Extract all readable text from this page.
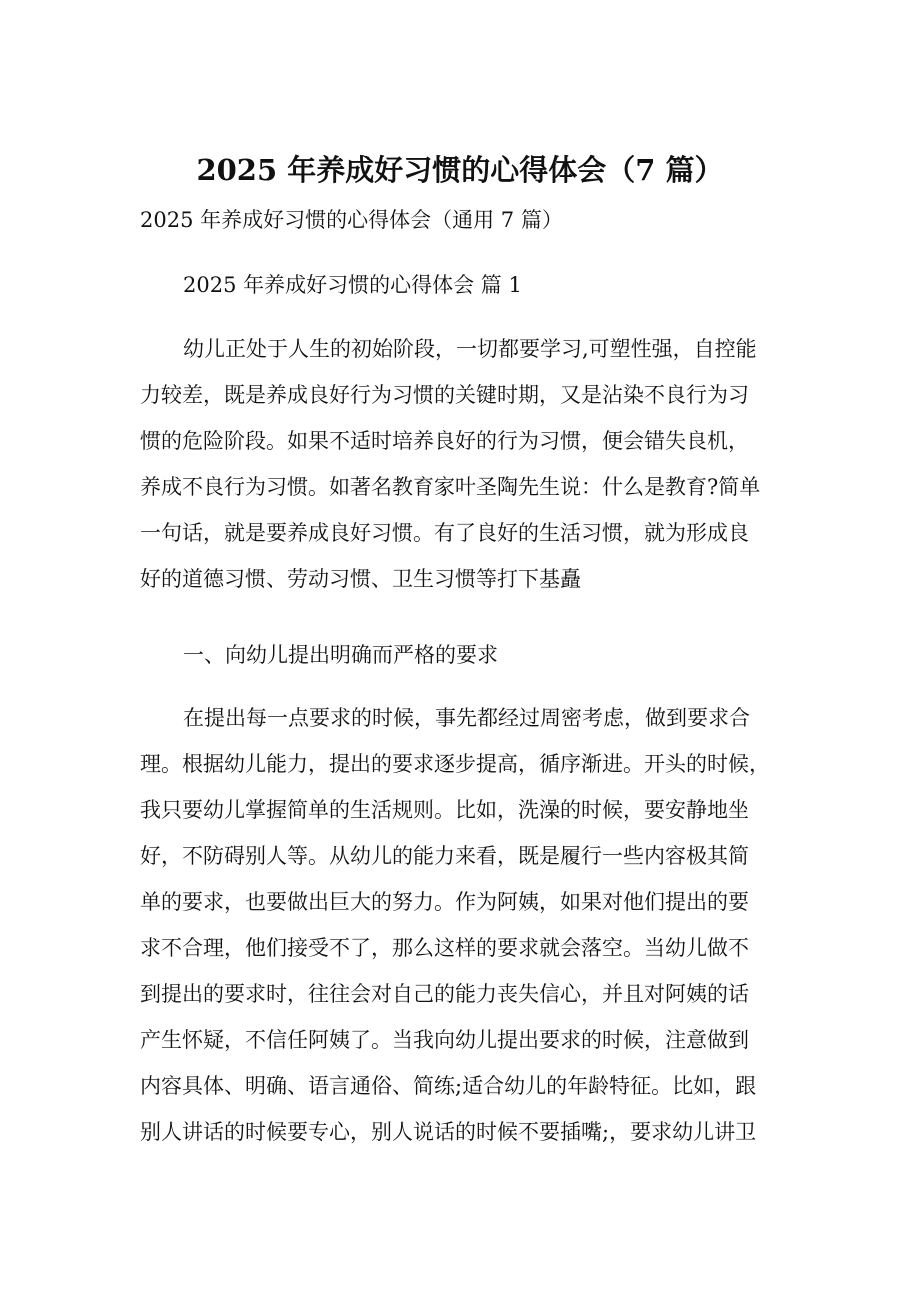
2025 年养成好习惯的心得体会（7 篇）
2025 年养成好习惯的心得体会（通用 7 篇）
2025 年养成好习惯的心得体会 篇 1
幼儿正处于人生的初始阶段，一切都要学习,可塑性强，自控能
力较差，既是养成良好行为习惯的关键时期，又是沾染不良行为习
惯的危险阶段。如果不适时培养良好的行为习惯，便会错失良机，
养成不良行为习惯。如著名教育家叶圣陶先生说：什么是教育?简单
一句话，就是要养成良好习惯。有了良好的生活习惯，就为形成良
好的道德习惯、劳动习惯、卫生习惯等打下基矗
一、向幼儿提出明确而严格的要求
在提出每一点要求的时候，事先都经过周密考虑，做到要求合
理。根据幼儿能力，提出的要求逐步提高，循序渐进。开头的时候，
我只要幼儿掌握简单的生活规则。比如，洗澡的时候，要安静地坐
好，不防碍别人等。从幼儿的能力来看，既是履行一些内容极其简
单的要求，也要做出巨大的努力。作为阿姨，如果对他们提出的要
求不合理，他们接受不了，那么这样的要求就会落空。当幼儿做不
到提出的要求时，往往会对自己的能力丧失信心，并且对阿姨的话
产生怀疑，不信任阿姨了。当我向幼儿提出要求的时候，注意做到
内容具体、明确、语言通俗、简练;适合幼儿的年龄特征。比如，跟
别人讲话的时候要专心，别人说话的时候不要插嘴;，要求幼儿讲卫
